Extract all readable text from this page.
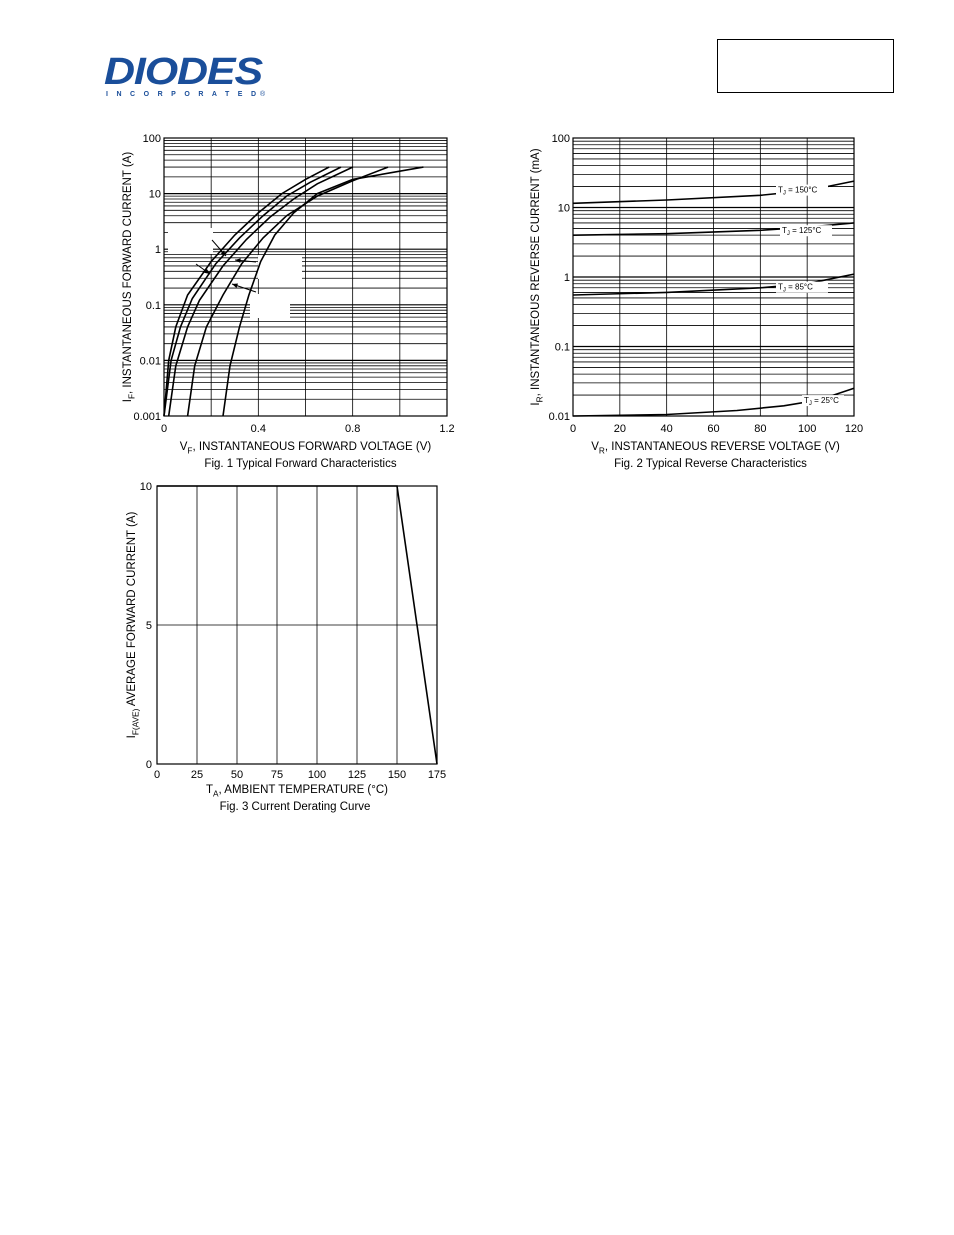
DIODES
INCORPORATED ®
0	0.4	0.8	1.2
0.001
0.01
0.1
1
10
100
$V_F$, INSTANTANEOUS FORWARD VOLTAGE (V)
$I_F$, INSTANTANEOUS FORWARD CURRENT (A)
Fig. 1 Typical Forward Characteristics
$T_J = 150^\circ C$
$T_J = 125^\circ C$
$T_J = 85^\circ C$
$T_J = 25^\circ C$
0	20	40	60	80	100	120
0.01
0.1
1
10
100
$V_R$, INSTANTANEOUS REVERSE VOLTAGE (V)
$I_R$, INSTANTANEOUS REVERSE CURRENT (mA)
Fig. 2 Typical Reverse Characteristics
0	25	50	75 100 125 150 175
0
5
10
$T_A$, AMBIENT TEMPERATURE (°C)
$I_{F(AVE)}$ AVERAGE FORWARD CURRENT (A)
Fig. 3 Current Derating Curve
